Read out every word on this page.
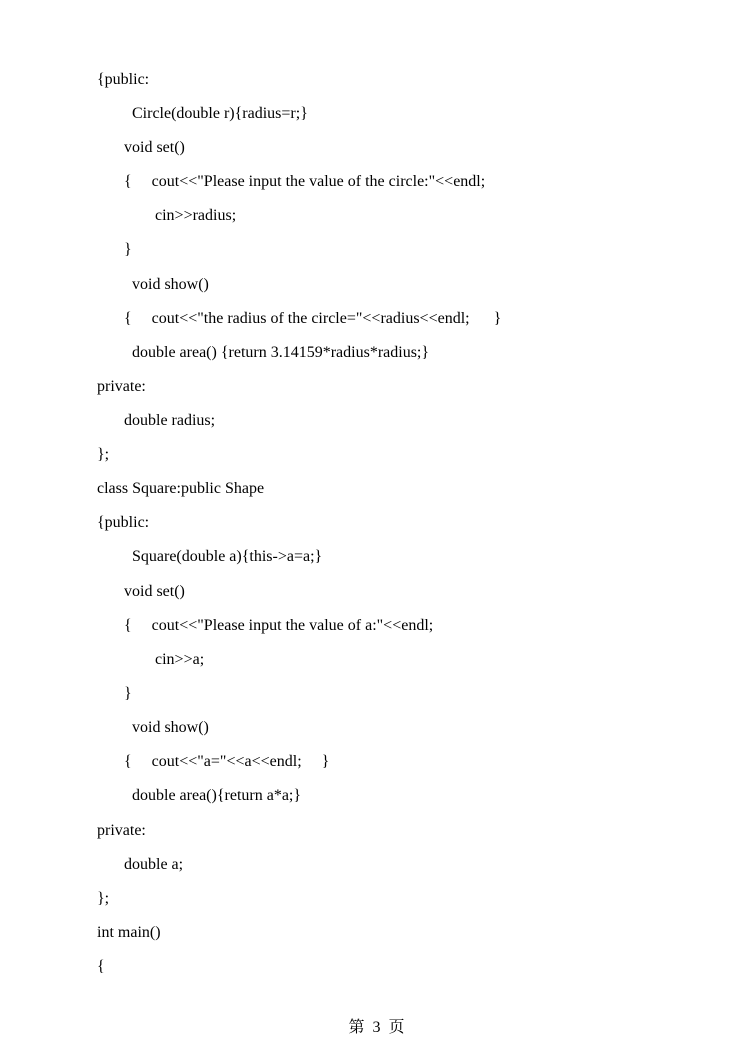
{public:
Circle(double r){radius=r;}
void set()
{     cout<<"Please input the value of the circle:"<<endl;
cin>>radius;
}
void show()
{     cout<<"the radius of the circle="<<radius<<endl;      }
double area() {return 3.14159*radius*radius;}
private:
double radius;
};
class Square:public Shape
{public:
Square(double a){this->a=a;}
void set()
{     cout<<"Please input the value of a:"<<endl;
cin>>a;
}
void show()
{     cout<<"a="<<a<<endl;     }
double area(){return a*a;}
private:
double a;
};
int main()
{
第  3  页
